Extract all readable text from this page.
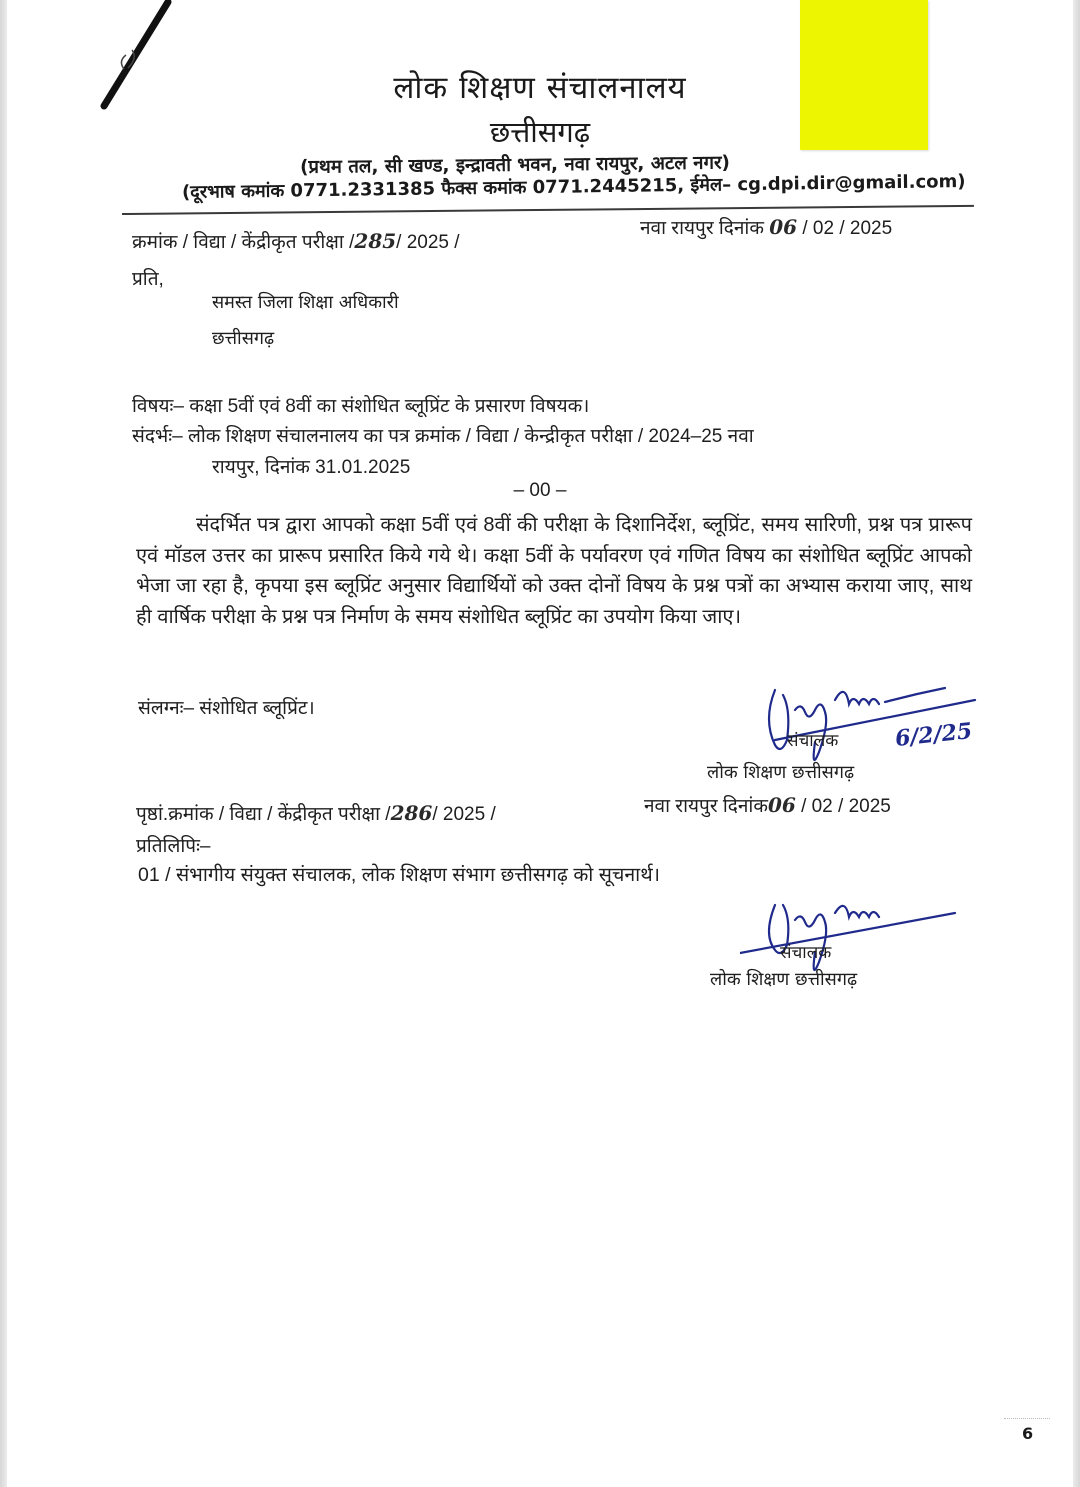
लोक शिक्षण संचालनालय
छत्तीसगढ़
(प्रथम तल, सी खण्ड, इन्द्रावती भवन, नवा रायपुर, अटल नगर)
(दूरभाष कमांक 0771.2331385 फैक्स कमांक 0771.2445215, ईमेल– cg.dpi.dir@gmail.com)
क्रमांक / विद्या / केंद्रीकृत परीक्षा /285/ 2025 /
नवा रायपुर दिनांक 06 / 02 / 2025
प्रति,
समस्त जिला शिक्षा अधिकारी
छत्तीसगढ़
विषयः– कक्षा 5वीं एवं 8वीं का संशोधित ब्लूप्रिंट के प्रसारण विषयक।
संदर्भः– लोक शिक्षण संचालनालय का पत्र क्रमांक / विद्या / केन्द्रीकृत परीक्षा / 2024–25 नवा
रायपुर, दिनांक 31.01.2025
– 00 –
संदर्भित पत्र द्वारा आपको कक्षा 5वीं एवं 8वीं की परीक्षा के दिशानिर्देश, ब्लूप्रिंट, समय सारिणी, प्रश्न पत्र प्रारूप एवं मॉडल उत्तर का प्रारूप प्रसारित किये गये थे। कक्षा 5वीं के पर्यावरण एवं गणित विषय का संशोधित ब्लूप्रिंट आपको भेजा जा रहा है, कृपया इस ब्लूप्रिंट अनुसार विद्यार्थियों को उक्त दोनों विषय के प्रश्न पत्रों का अभ्यास कराया जाए, साथ ही वार्षिक परीक्षा के प्रश्न पत्र निर्माण के समय संशोधित ब्लूप्रिंट का उपयोग किया जाए।
संलग्नः– संशोधित ब्लूप्रिंट।
संचालक	6/2/25
लोक शिक्षण छत्तीसगढ़
पृष्ठां.क्रमांक / विद्या / केंद्रीकृत परीक्षा /286/ 2025 /	नवा रायपुर दिनांक06 / 02 / 2025
प्रतिलिपिः–
01 / संभागीय संयुक्त संचालक, लोक शिक्षण संभाग छत्तीसगढ़ को सूचनार्थ।
संचालक
लोक शिक्षण छत्तीसगढ़
6
